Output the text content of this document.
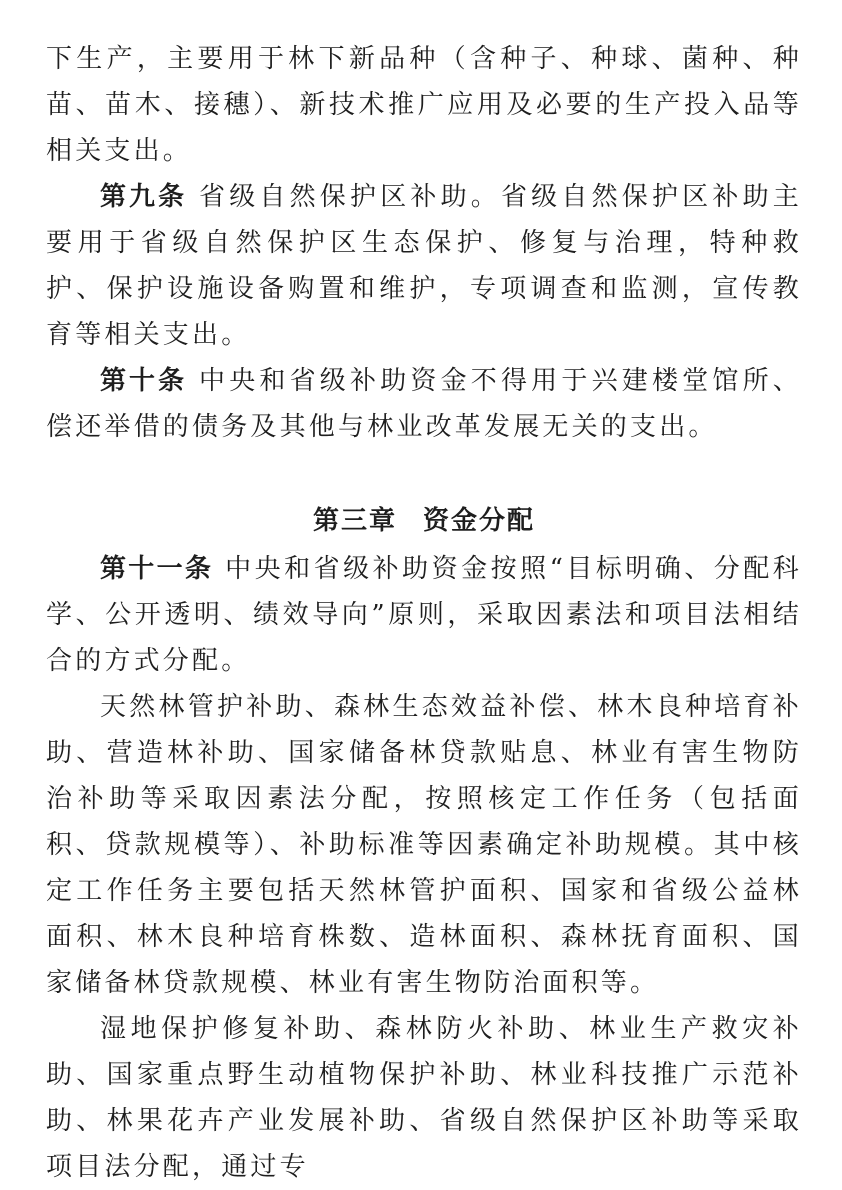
下生产，主要用于林下新品种（含种子、种球、菌种、种苗、苗木、接穗）、新技术推广应用及必要的生产投入品等相关支出。

第九条 省级自然保护区补助。省级自然保护区补助主要用于省级自然保护区生态保护、修复与治理，特种救护、保护设施设备购置和维护，专项调查和监测，宣传教育等相关支出。

第十条 中央和省级补助资金不得用于兴建楼堂馆所、偿还举借的债务及其他与林业改革发展无关的支出。

第三章 资金分配

第十一条 中央和省级补助资金按照“目标明确、分配科学、公开透明、绩效导向”原则，采取因素法和项目法相结合的方式分配。

天然林管护补助、森林生态效益补偿、林木良种培育补助、营造林补助、国家储备林贷款贴息、林业有害生物防治补助等采取因素法分配，按照核定工作任务（包括面积、贷款规模等）、补助标准等因素确定补助规模。其中核定工作任务主要包括天然林管护面积、国家和省级公益林面积、林木良种培育株数、造林面积、森林抚育面积、国家储备林贷款规模、林业有害生物防治面积等。

湿地保护修复补助、森林防火补助、林业生产救灾补助、国家重点野生动植物保护补助、林业科技推广示范补助、林果花卉产业发展补助、省级自然保护区补助等采取项目法分配，通过专
